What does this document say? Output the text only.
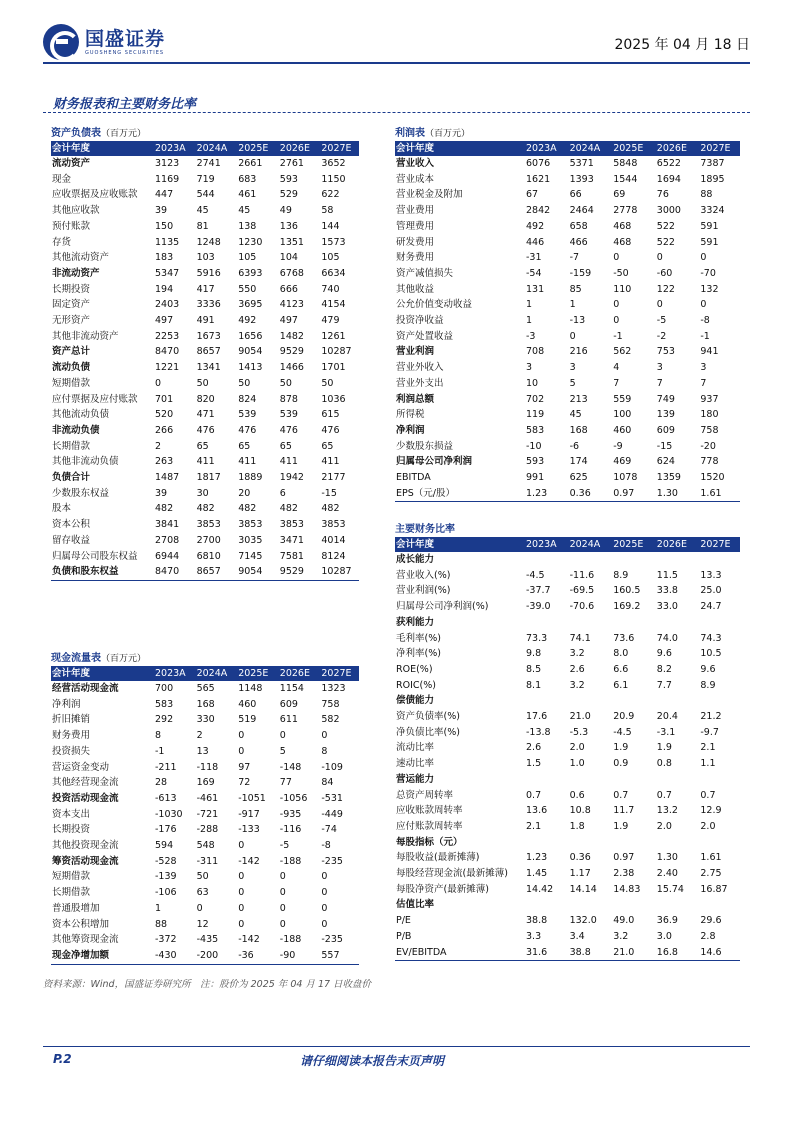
国盛证券
GUOSHENG SECURITIES	2025 年 04 月 18 日
财务报表和主要财务比率
资产负债表（百万元）
会计年度	2023A	2024A	2025E	2026E	2027E
流动资产	3123	2741	2661	2761	3652
现金	1169	719	683	593	1150
应收票据及应收账款	447	544	461	529	622
其他应收款	39	45	45	49	58
预付账款	150	81	138	136	144
存货	1135	1248	1230	1351	1573
其他流动资产	183	103	105	104	105
非流动资产	5347	5916	6393	6768	6634
长期投资	194	417	550	666	740
固定资产	2403	3336	3695	4123	4154
无形资产	497	491	492	497	479
其他非流动资产	2253	1673	1656	1482	1261
资产总计	8470	8657	9054	9529	10287
流动负债	1221	1341	1413	1466	1701
短期借款	0	50	50	50	50
应付票据及应付账款	701	820	824	878	1036
其他流动负债	520	471	539	539	615
非流动负债	266	476	476	476	476
长期借款	2	65	65	65	65
其他非流动负债	263	411	411	411	411
负债合计	1487	1817	1889	1942	2177
少数股东权益	39	30	20	6	-15
股本	482	482	482	482	482
资本公积	3841	3853	3853	3853	3853
留存收益	2708	2700	3035	3471	4014
归属母公司股东权益	6944	6810	7145	7581	8124
负债和股东权益	8470	8657	9054	9529	10287
现金流量表（百万元）
会计年度	2023A	2024A	2025E	2026E	2027E
经营活动现金流	700	565	1148	1154	1323
净利润	583	168	460	609	758
折旧摊销	292	330	519	611	582
财务费用	8	2	0	0	0
投资损失	-1	13	0	5	8
营运资金变动	-211	-118	97	-148	-109
其他经营现金流	28	169	72	77	84
投资活动现金流	-613	-461	-1051	-1056	-531
资本支出	-1030	-721	-917	-935	-449
长期投资	-176	-288	-133	-116	-74
其他投资现金流	594	548	0	-5	-8
筹资活动现金流	-528	-311	-142	-188	-235
短期借款	-139	50	0	0	0
长期借款	-106	63	0	0	0
普通股增加	1	0	0	0	0
资本公积增加	88	12	0	0	0
其他筹资现金流	-372	-435	-142	-188	-235
现金净增加额	-430	-200	-36	-90	557
利润表（百万元）
会计年度	2023A	2024A	2025E	2026E	2027E
营业收入	6076	5371	5848	6522	7387
营业成本	1621	1393	1544	1694	1895
营业税金及附加	67	66	69	76	88
营业费用	2842	2464	2778	3000	3324
管理费用	492	658	468	522	591
研发费用	446	466	468	522	591
财务费用	-31	-7	0	0	0
资产减值损失	-54	-159	-50	-60	-70
其他收益	131	85	110	122	132
公允价值变动收益	1	1	0	0	0
投资净收益	1	-13	0	-5	-8
资产处置收益	-3	0	-1	-2	-1
营业利润	708	216	562	753	941
营业外收入	3	3	4	3	3
营业外支出	10	5	7	7	7
利润总额	702	213	559	749	937
所得税	119	45	100	139	180
净利润	583	168	460	609	758
少数股东损益	-10	-6	-9	-15	-20
归属母公司净利润	593	174	469	624	778
EBITDA	991	625	1078	1359	1520
EPS（元/股）	1.23	0.36	0.97	1.30	1.61
主要财务比率
会计年度	2023A	2024A	2025E	2026E	2027E
成长能力					
营业收入(%)	-4.5	-11.6	8.9	11.5	13.3
营业利润(%)	-37.7	-69.5	160.5	33.8	25.0
归属母公司净利润(%)	-39.0	-70.6	169.2	33.0	24.7
获利能力					
毛利率(%)	73.3	74.1	73.6	74.0	74.3
净利率(%)	9.8	3.2	8.0	9.6	10.5
ROE(%)	8.5	2.6	6.6	8.2	9.6
ROIC(%)	8.1	3.2	6.1	7.7	8.9
偿债能力					
资产负债率(%)	17.6	21.0	20.9	20.4	21.2
净负债比率(%)	-13.8	-5.3	-4.5	-3.1	-9.7
流动比率	2.6	2.0	1.9	1.9	2.1
速动比率	1.5	1.0	0.9	0.8	1.1
营运能力					
总资产周转率	0.7	0.6	0.7	0.7	0.7
应收账款周转率	13.6	10.8	11.7	13.2	12.9
应付账款周转率	2.1	1.8	1.9	2.0	2.0
每股指标（元）					
每股收益(最新摊薄)	1.23	0.36	0.97	1.30	1.61
每股经营现金流(最新摊薄)	1.45	1.17	2.38	2.40	2.75
每股净资产(最新摊薄)	14.42	14.14	14.83	15.74	16.87
估值比率					
P/E	38.8	132.0	49.0	36.9	29.6
P/B	3.3	3.4	3.2	3.0	2.8
EV/EBITDA	31.6	38.8	21.0	16.8	14.6
资料来源：Wind，国盛证券研究所　注：股价为 2025 年 04 月 17 日收盘价
P.2	请仔细阅读本报告末页声明
